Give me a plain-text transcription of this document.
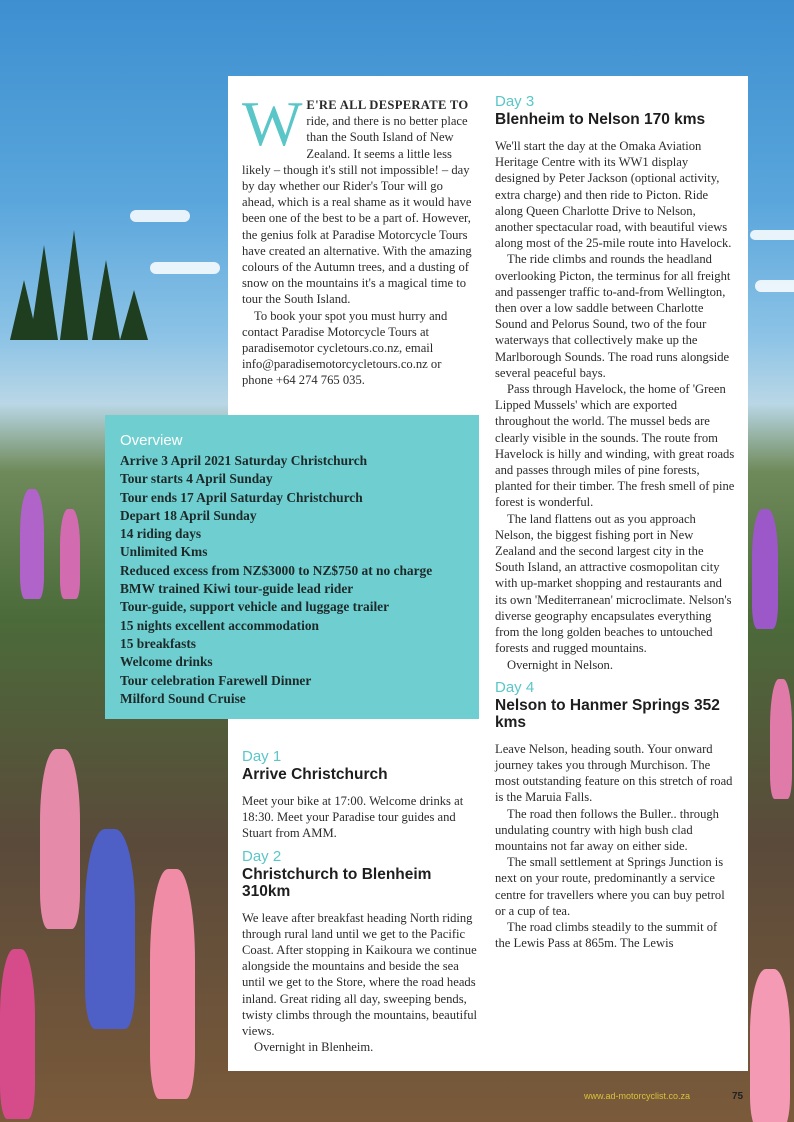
Overview
Arrive 3 April 2021 Saturday Christchurch
Tour starts 4 April Sunday
Tour ends 17 April Saturday Christchurch
Depart 18 April Sunday
14 riding days
Unlimited Kms
Reduced excess from NZ$3000 to NZ$750 at no charge
BMW trained Kiwi tour-guide lead rider
Tour-guide, support vehicle and luggage trailer
15 nights excellent accommodation
15 breakfasts
Welcome drinks
Tour celebration Farewell Dinner
Milford Sound Cruise

W E'RE ALL DESPERATE TO ride, and there is no better place than the South Island of New Zealand. It seems a little less likely – though it's still not impossible! – day by day whether our Rider's Tour will go ahead, which is a real shame as it would have been one of the best to be a part of. However, the genius folk at Paradise Motorcycle Tours have created an alternative. With the amazing colours of the Autumn trees, and a dusting of snow on the mountains it's a magical time to tour the South Island.

To book your spot you must hurry and contact Paradise Motorcycle Tours at paradisemotor cycletours.co.nz, email info@paradisemotorcycletours.co.nz or phone +64 274 765 035.

Day 1
Arrive Christchurch

Meet your bike at 17:00. Welcome drinks at 18:30. Meet your Paradise tour guides and Stuart from AMM.

Day 2
Christchurch to Blenheim 310km

We leave after breakfast heading North riding through rural land until we get to the Pacific Coast. After stopping in Kaikoura we continue alongside the mountains and beside the sea until we get to the Store, where the road heads inland. Great riding all day, sweeping bends, twisty climbs through the mountains, beautiful views.

Overnight in Blenheim.

Day 3
Blenheim to Nelson 170 kms

We'll start the day at the Omaka Aviation Heritage Centre with its WW1 display designed by Peter Jackson (optional activity, extra charge) and then ride to Picton. Ride along Queen Charlotte Drive to Nelson, another spectacular road, with beautiful views along most of the 25-mile route into Havelock.

The ride climbs and rounds the headland overlooking Picton, the terminus for all freight and passenger traffic to-and-from Wellington, then over a low saddle between Charlotte Sound and Pelorus Sound, two of the four waterways that collectively make up the Marlborough Sounds. The road runs alongside several peaceful bays.

Pass through Havelock, the home of 'Green Lipped Mussels' which are exported throughout the world. The mussel beds are clearly visible in the sounds. The route from Havelock is hilly and winding, with great roads and passes through miles of pine forests, planted for their timber. The fresh smell of pine forest is wonderful.

The land flattens out as you approach Nelson, the biggest fishing port in New Zealand and the second largest city in the South Island, an attractive cosmopolitan city with up-market shopping and restaurants and its own 'Mediterranean' microclimate. Nelson's diverse geography encapsulates everything from the long golden beaches to untouched forests and rugged mountains.

Overnight in Nelson.

Day 4
Nelson to Hanmer Springs 352 kms

Leave Nelson, heading south. Your onward journey takes you through Murchison. The most outstanding feature on this stretch of road is the Maruia Falls.

The road then follows the Buller.. through undulating country with high bush clad mountains not far away on either side.

The small settlement at Springs Junction is next on your route, predominantly a service centre for travellers where you can buy petrol or a cup of tea.

The road climbs steadily to the summit of the Lewis Pass at 865m. The Lewis

www.ad-motorcyclist.co.za	75
